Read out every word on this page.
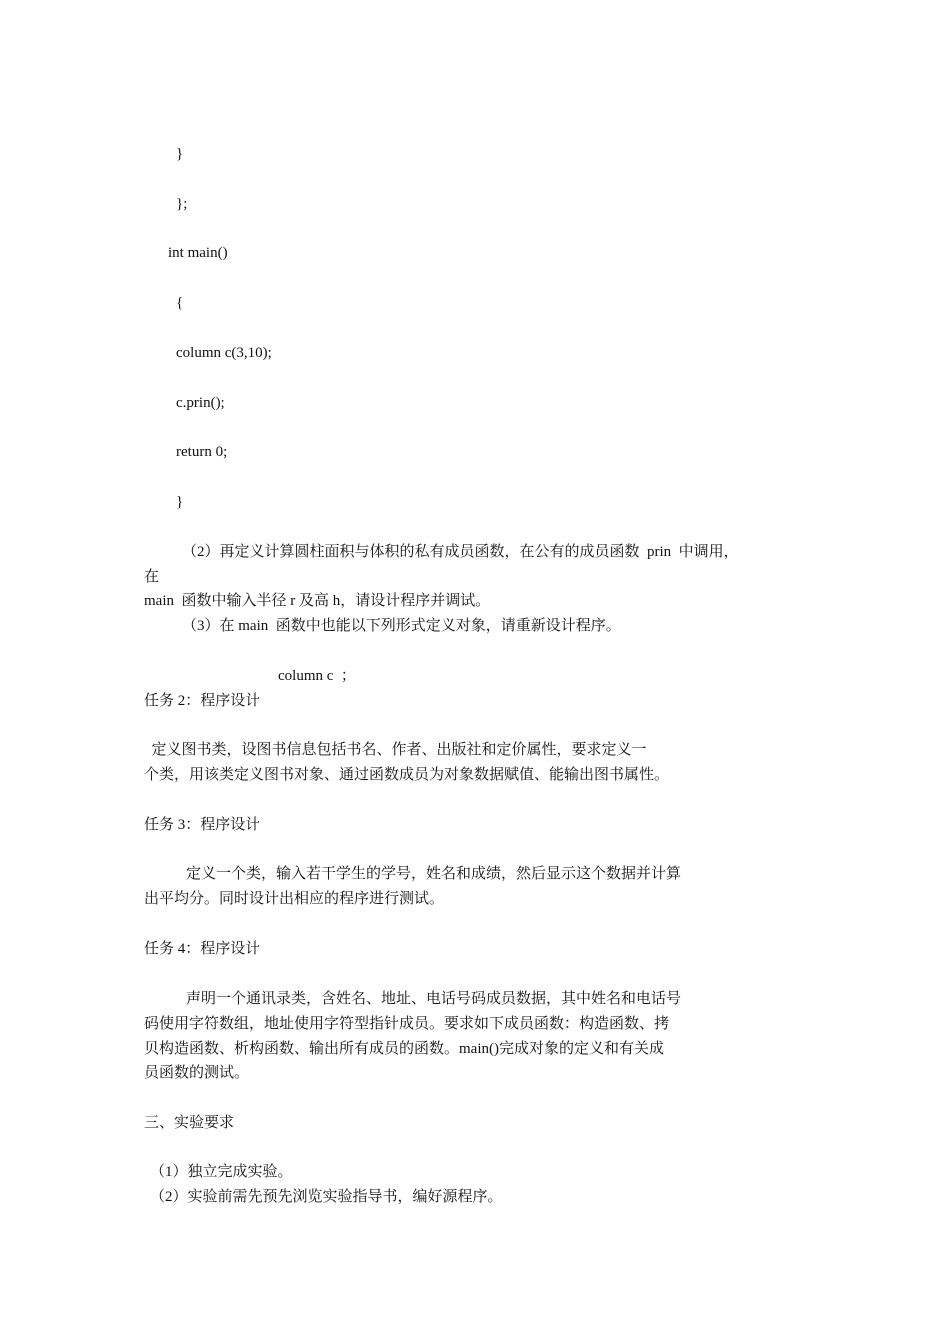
}
};
int main()
{
column c(3,10);
c.prin();
return 0;
}
（2）再定义计算圆柱面积与体积的私有成员函数，在公有的成员函数  prin  中调用，
在
main  函数中输入半径 r 及高 h，请设计程序并调试。
（3）在 main  函数中也能以下列形式定义对象，请重新设计程序。
column c  ；
任务 2：程序设计
定义图书类，设图书信息包括书名、作者、出版社和定价属性，要求定义一
个类，用该类定义图书对象、通过函数成员为对象数据赋值、能输出图书属性。
任务 3：程序设计
定义一个类，输入若干学生的学号，姓名和成绩，然后显示这个数据并计算
出平均分。同时设计出相应的程序进行测试。
任务 4：程序设计
声明一个通讯录类，含姓名、地址、电话号码成员数据，其中姓名和电话号
码使用字符数组，地址使用字符型指针成员。要求如下成员函数：构造函数、拷
贝构造函数、析构函数、输出所有成员的函数。main()完成对象的定义和有关成
员函数的测试。
三、实验要求
（1）独立完成实验。
（2）实验前需先预先浏览实验指导书，编好源程序。
